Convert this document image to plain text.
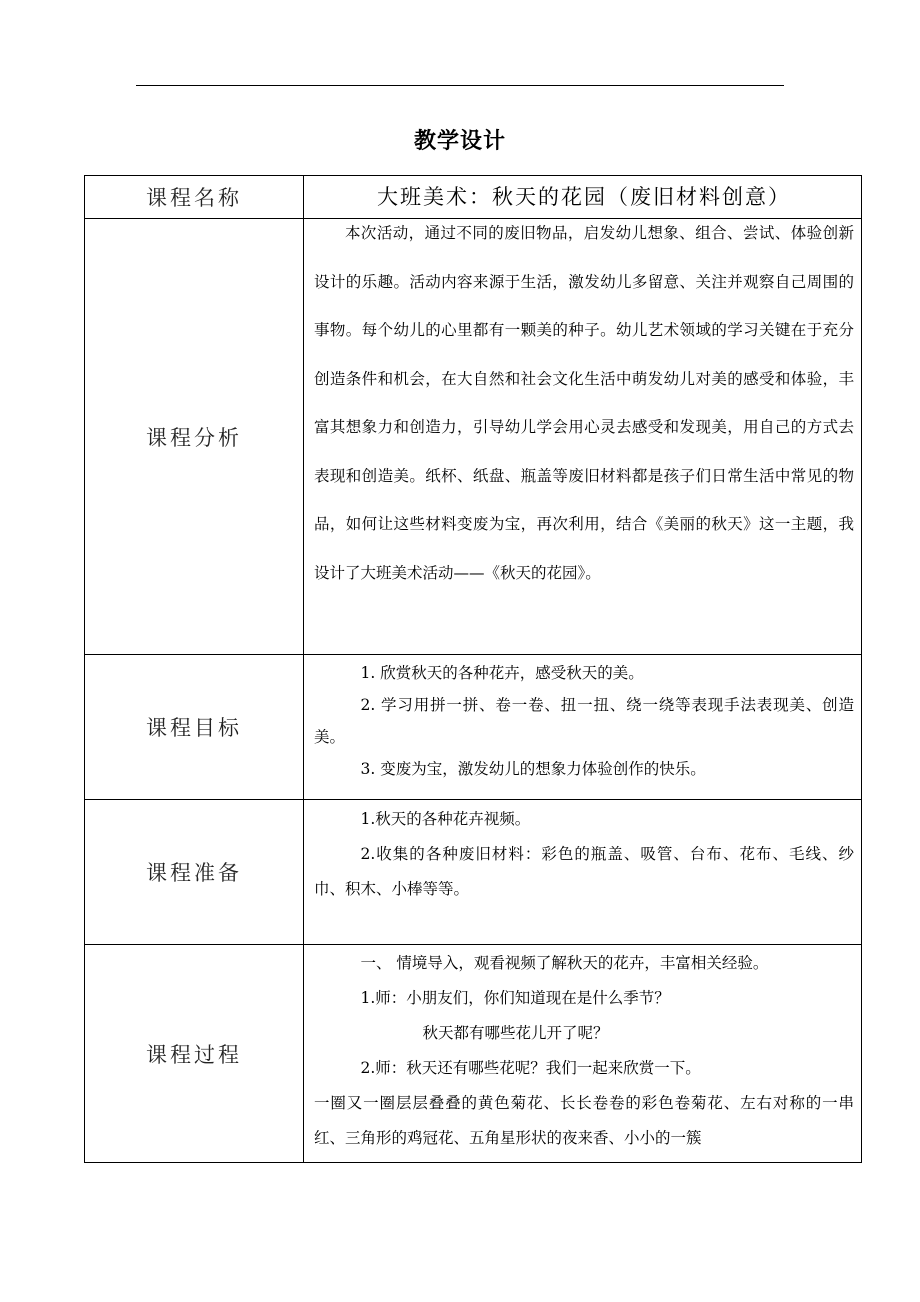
教学设计
课程名称	大班美术：秋天的花园（废旧材料创意）

课程分析	本次活动，通过不同的废旧物品，启发幼儿想象、组合、尝试、体验创新设计的乐趣。活动内容来源于生活，激发幼儿多留意、关注并观察自己周围的事物。每个幼儿的心里都有一颗美的种子。幼儿艺术领域的学习关键在于充分创造条件和机会，在大自然和社会文化生活中萌发幼儿对美的感受和体验，丰富其想象力和创造力，引导幼儿学会用心灵去感受和发现美，用自己的方式去表现和创造美。纸杯、纸盘、瓶盖等废旧材料都是孩子们日常生活中常见的物品，如何让这些材料变废为宝，再次利用，结合《美丽的秋天》这一主题，我设计了大班美术活动——《秋天的花园》。

课程目标	1. 欣赏秋天的各种花卉，感受秋天的美。

2. 学习用拼一拼、卷一卷、扭一扭、绕一绕等表现手法表现美、创造美。

3. 变废为宝，激发幼儿的想象力体验创作的快乐。

课程准备	1.秋天的各种花卉视频。

2.收集的各种废旧材料：彩色的瓶盖、吸管、台布、花布、毛线、纱巾、积木、小棒等等。

课程过程	一、 情境导入，观看视频了解秋天的花卉，丰富相关经验。

1.师：小朋友们，你们知道现在是什么季节？

秋天都有哪些花儿开了呢？

2.师：秋天还有哪些花呢？我们一起来欣赏一下。

一圈又一圈层层叠叠的黄色菊花、长长卷卷的彩色卷菊花、左右对称的一串红、三角形的鸡冠花、五角星形状的夜来香、小小的一簇
